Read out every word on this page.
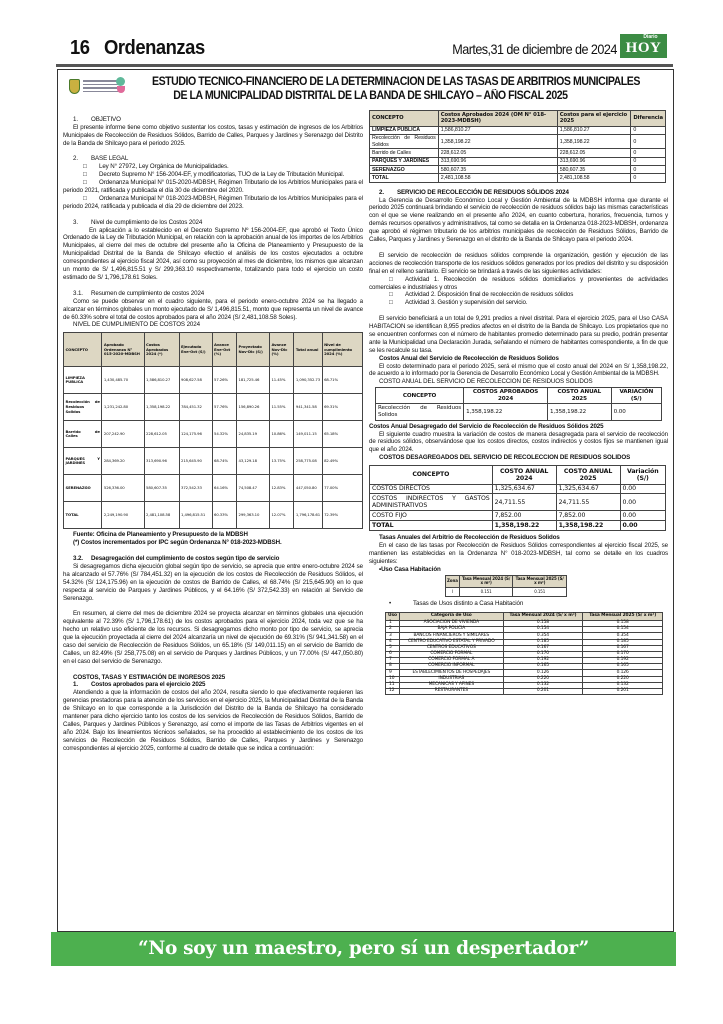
16 Ordenanzas	Martes,31 de diciembre de 2024
Diario
HOY
ESTUDIO TECNICO-FINANCIERO DE LA DETERMINACION DE LAS TASAS DE ARBITRIOS MUNICIPALES
DE LA MUNICIPALIDAD DISTRITAL DE LA BANDA DE SHILCAYO – AÑO FISCAL 2025

1. OBJETIVO

El presente informe tiene como objetivo sustentar los costos, tasas y estimación de ingresos de los Arbitrios Municipales de Recolección de Residuos Sólidos, Barrido de Calles, Parques y Jardines y Serenazgo del Distrito de la Banda de Shilcayo para el periodo 2025.

2. BASE LEGAL

□ Ley N° 27972, Ley Orgánica de Municipalidades.

□ Decreto Supremo N° 156-2004-EF, y modificatorias, TUO de la Ley de Tributación Municipal.

□ Ordenanza Municipal N° 015-2020-MDBSH, Régimen Tributario de los Arbitrios Municipales para el periodo 2021, ratificada y publicada el día 30 de diciembre del 2020.

□ Ordenanza Municipal N° 018-2023-MDBSH, Régimen Tributario de los Arbitrios Municipales para el periodo 2024, ratificada y publicada el día 29 de diciembre del 2023.

3. Nivel de cumplimiento de los Costos 2024

En aplicación a lo establecido en el Decreto Supremo Nº 156-2004-EF, que aprobó el Texto Único Ordenado de la Ley de Tributación Municipal, en relación con la aprobación anual de los importes de los Arbitrios Municipales, al cierre del mes de octubre del presente año la Oficina de Planeamiento y Presupuesto de la Municipalidad Distrital de la Banda de Shilcayo efectúo el análisis de los costos ejecutados a octubre correspondientes al ejercicio fiscal 2024, así como su proyección al mes de diciembre, los mismos que alcanzan un monto de S/ 1,496,815.51 y S/ 299,363.10 respectivamente, totalizando para todo el ejercicio un costo estimado de S/ 1,796,178.61 Soles.

3.1. Resumen de cumplimiento de costos 2024

Como se puede observar en el cuadro siguiente, para el periodo enero-octubre 2024 se ha llegado a alcanzar en términos globales un monto ejecutado de S/ 1,496,815.51, monto que representa un nivel de avance de 60.33% sobre el total de costos aprobados para el año 2024 (S/ 2,481,108.58 Soles).

NIVEL DE CUMPLIMIENTO DE COSTOS 2024

CONCEPTO	Aprobado Ordenanza N° 015-2020-MDBSH	Costos Aprobados 2024 (*)	Ejecutado Ene-Oct (S/)	Avance Ene-Oct (%)	Proyectado Nov-Dic (S/)	Avance Nov-Dic (%)	Total anual	Nivel de cumplimiento 2024 (%)
LIMPIEZA PUBLICA	1,430,485.70	1,586,810.27	908,627.58	57.26%	181,725.46	11.45%	1,090,352.73	68.71%
Recolección de Residuos Solidos	1,231,242.80	1,358,198.22	784,451.32	57.76%	156,890.26	11.55%	941,341.58	69.31%
Barrido de Calles	207,242.90	228,612.05	124,175.96	54.32%	24,835.19	10.86%	149,011.15	65.18%
PARQUES Y JARDINES	284,369.20	313,690.96	215,645.90	68.74%	43,129.18	13.75%	258,775.08	82.49%
SERENAZGO	526,336.00	580,607.35	372,542.33	64.16%	74,508.47	12.83%	447,050.80	77.00%
TOTAL	2,249,190.90	2,481,108.58	1,496,815.51	60.33%	299,363.10	12.07%	1,796,178.61	72.39%

Fuente: Oficina de Planeamiento y Presupuesto de la MDBSH

(*) Costos incrementados por IPC según Ordenanza N° 018-2023-MDBSH.

3.2. Desagregación del cumplimiento de costos según tipo de servicio

Si desagregamos dicha ejecución global según tipo de servicio, se aprecia que entre enero-octubre 2024 se ha alcanzado el 57.76% (S/ 784,451.32) en la ejecución de los costos de Recolección de Residuos Sólidos, el 54.32% (S/ 124,175.96) en la ejecución de costos de Barrido de Calles, el 68.74% (S/ 215,645.90) en lo que respecta al servicio de Parques y Jardines Públicos, y el 64.16% (S/ 372,542.33) en relación al Servicio de Serenazgo.

En resumen, al cierre del mes de diciembre 2024 se proyecta alcanzar en términos globales una ejecución equivalente al 72.39% (S/ 1,796,178.61) de los costos aprobados para el ejercicio 2024, toda vez que se ha hecho un relativo uso eficiente de los recursos. Si desagregamos dicho monto por tipo de servicio, se aprecia que la ejecución proyectada al cierre del 2024 alcanzaría un nivel de ejecución de 69.31% (S/ 941,341.58) en el caso del servicio de Recolección de Residuos Sólidos, un 65.18% (S/ 149,011.15) en el servicio de Barrido de Calles, un 82.49% (S/ 258,775.08) en el servicio de Parques y Jardines Públicos, y un 77.00% (S/ 447,050.80) en el caso del servicio de Serenazgo.

COSTOS, TASAS Y ESTIMACIÓN DE INGRESOS 2025

1. Costos aprobados para el ejercicio 2025

Atendiendo a que la información de costos del año 2024, resulta siendo lo que efectivamente requieren las gerencias prestadoras para la atención de los servicios en el ejercicio 2025, la Municipalidad Distrital de la Banda de Shilcayo en lo que corresponde a la Jurisdicción del Distrito de la Banda de Shilcayo ha considerado mantener para dicho ejercicio tanto los costos de los servicios de Recolección de Residuos Sólidos, Barrido de Calles, Parques y Jardines Públicos y Serenazgo, así como el importe de las Tasas de Arbitrios vigentes en el año 2024. Bajo los lineamientos técnicos señalados, se ha procedido al establecimiento de los costos de los servicios de Recolección de Residuos Sólidos, Barrido de Calles, Parques y Jardines y Serenazgo correspondientes al ejercicio 2025, conforme al cuadro de detalle que se indica a continuación:

CONCEPTO	Costos Aprobados 2024 (OM N° 018-2023-MDBSH)	Costos para el ejercicio 2025	Diferencia
LIMPIEZA PUBLICA	1,586,810.27	1,586,810.27	0
Recolección de Residuos Solidos	1,358,198.22	1,358,198.22	0
Barrido de Calles	228,612.05	228,612.05	0
PARQUES Y JARDINES	313,690.96	313,690.96	0
SERENAZGO	580,607.35	580,607.35	0
TOTAL	2,481,108.58	2,481,108.58	0

2. SERVICIO DE RECOLECCIÓN DE RESIDUOS SÓLIDOS 2024

La Gerencia de Desarrollo Económico Local y Gestión Ambiental de la MDBSH informa que durante el periodo 2025 continuará brindando el servicio de recolección de residuos sólidos bajo las mismas características con el que se viene realizando en el presente año 2024, en cuanto cobertura, horarios, frecuencia, turnos y demás recursos operativos y administrativos, tal como se detalla en la Ordenanza 018-2023-MDBSH, ordenanza que aprobó el régimen tributario de los arbitrios municipales de recolección de Residuos Sólidos, Barrido de Calles, Parques y Jardines y Serenazgo en el distrito de la Banda de Shilcayo para el periodo 2024.

El servicio de recolección de residuos sólidos comprende la organización, gestión y ejecución de las acciones de recolección transporte de los residuos sólidos generados por los predios del distrito y su disposición final en el relleno sanitario. El servicio se brindará a través de las siguientes actividades:

□ Actividad 1. Recolección de residuos sólidos domiciliarios y provenientes de actividades comerciales e industriales y otros

□ Actividad 2. Disposición final de recolección de residuos sólidos

□ Actividad 3. Gestión y supervisión del servicio.

El servicio beneficiará a un total de 9,291 predios a nivel distrital. Para el ejercicio 2025, para el Uso CASA HABITACION se identifican 8,955 predios afectos en el distrito de la Banda de Shilcayo. Los propietarios que no se encuentren conformes con el número de habitantes promedio determinado para su predio, podrán presentar ante la Municipalidad una Declaración Jurada, señalando el número de habitantes correspondiente, a fin de que se les recalcule su tasa.

Costos Anual del Servicio de Recolección de Residuos Solidos

El costo determinado para el periodo 2025, será el mismo que el costo anual del 2024 en S/ 1,358,198.22, de acuerdo a lo informado por la Gerencia de Desarrollo Económico Local y Gestión Ambiental de la MDBSH.

COSTO ANUAL DEL SERVICIO DE RECOLECCION DE RESIDUOS SOLIDOS

CONCEPTO	COSTOS APROBADOS 2024	COSTO ANUAL 2025	VARIACIÓN (S/)
Recolección de Residuos Solidos	1,358,198.22	1,358,198.22	0.00

Costos Anual Desagregado del Servicio de Recolección de Residuos Sólidos 2025

El siguiente cuadro muestra la variación de costos de manera desagregada para el servicio de recolección de residuos sólidos, observándose que los costos directos, costos indirectos y costos fijos se mantienen igual que el año 2024.

COSTOS DESAGREGADOS DEL SERVICIO DE RECOLECCION DE RESIDUOS SOLIDOS

CONCEPTO	COSTO ANUAL 2024	COSTO ANUAL 2025	Variación (S/)
COSTOS DIRECTOS	1,325,634.67	1,325,634.67	0.00
COSTOS INDIRECTOS Y GASTOS ADMINISTRATIVOS	24,711.55	24,711.55	0.00
COSTO FIJO	7,852.00	7,852.00	0.00
TOTAL	1,358,198.22	1,358,198.22	0.00

Tasas Anuales del Arbitrio de Recolección de Residuos Solidos

En el caso de las tasas por Recolección de Residuos Sólidos correspondientes al ejercicio fiscal 2025, se mantienen las establecidas en la Ordenanza N° 018-2023-MDBSH, tal como se detalle en los cuadros siguientes:

•Uso Casa Habitación

Zona	Tasa Mensual 2024 (S/ x m²)	Tasa Mensual 2025 (S/ x m²)
I	0.151	0.151

•	Tasas de Usos distinto a Casa Habitación

Uso	Categoría de Uso	Tasa Mensual 2024 (S/ x m²)	Tasa Mensual 2025 (S/ x m²)
1	ASOCIACION DE VIVIENDA	0.158	0.158
2	BAJA POLICIA	0.154	0.154
3	BANCOS FINANCIEROS Y SIMILARES	0.354	0.354
4	CENTRO EDUCATIVO ESTATAL Y PRIVADO	0.185	0.185
5	CENTROS EDUCATIVOS	0.167	0.167
6	COMERCIO FORMAL	0.170	0.170
7	COMERCIO FORMAL A	0.192	0.192
8	COMERCIO INFORMAL	0.165	0.165
9	ESTABLECIMIENTOS DE HOSPEDAJES	0.126	0.126
10	INDUSTRIAS	0.220	0.220
11	MECANICAS Y AFINES	0.132	0.132
12	RESTAURANTES	0.201	0.201
“No soy un maestro, pero sí un despertador”
